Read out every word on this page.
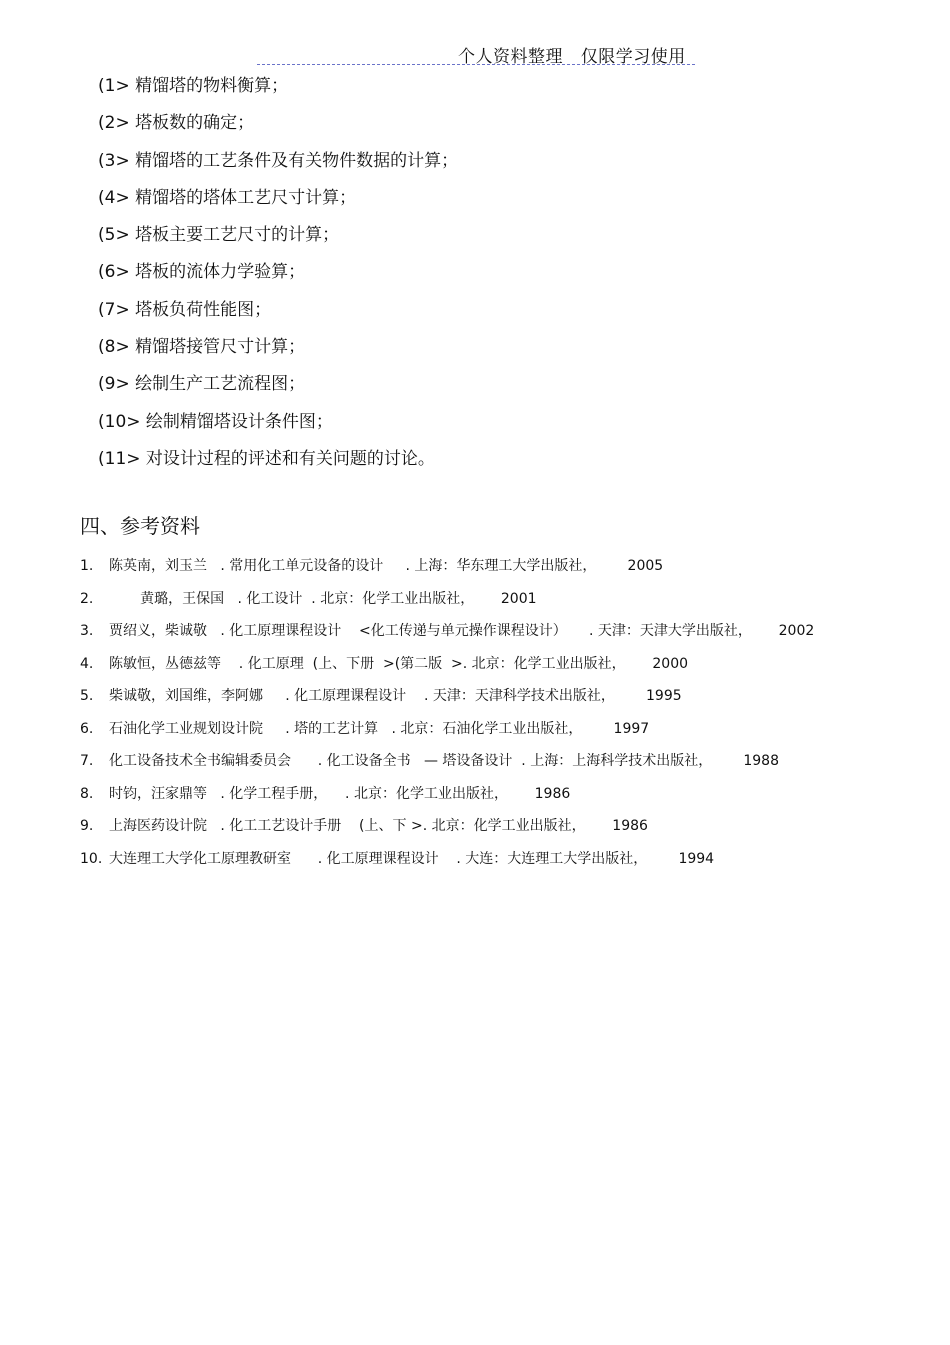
个人资料整理   仅限学习使用
(1> 精馏塔的物料衡算；
(2> 塔板数的确定；
(3> 精馏塔的工艺条件及有关物件数据的计算；
(4> 精馏塔的塔体工艺尺寸计算；
(5> 塔板主要工艺尺寸的计算；
(6> 塔板的流体力学验算；
(7> 塔板负荷性能图；
(8> 精馏塔接管尺寸计算；
(9> 绘制生产工艺流程图；
(10> 绘制精馏塔设计条件图；
(11> 对设计过程的评述和有关问题的讨论。
四、参考资料

1.

陈英南，刘玉兰   . 常用化工单元设备的设计     . 上海：华东理工大学出版社，       2005

2.

黄璐，王保国   . 化工设计  . 北京：化学工业出版社，      2001

3.

贾绍义，柴诚敬   . 化工原理课程设计    <化工传递与单元操作课程设计）     . 天津：天津大学出版社，      2002

4.

陈敏恒，丛德兹等    . 化工原理  (上、下册  >(第二版  >. 北京：化学工业出版社，      2000

5.

柴诚敬，刘国维，李阿娜     . 化工原理课程设计    . 天津：天津科学技术出版社，       1995

6.

石油化学工业规划设计院     . 塔的工艺计算   . 北京：石油化学工业出版社，       1997

7.

化工设备技术全书编辑委员会      . 化工设备全书   — 塔设备设计  . 上海：上海科学技术出版社，       1988

8.

时钧，汪家鼎等   . 化学工程手册，    . 北京：化学工业出版社，      1986

9.

上海医药设计院   . 化工工艺设计手册    (上、下 >. 北京：化学工业出版社，      1986

10.

大连理工大学化工原理教研室      . 化工原理课程设计    . 大连：大连理工大学出版社，       1994
